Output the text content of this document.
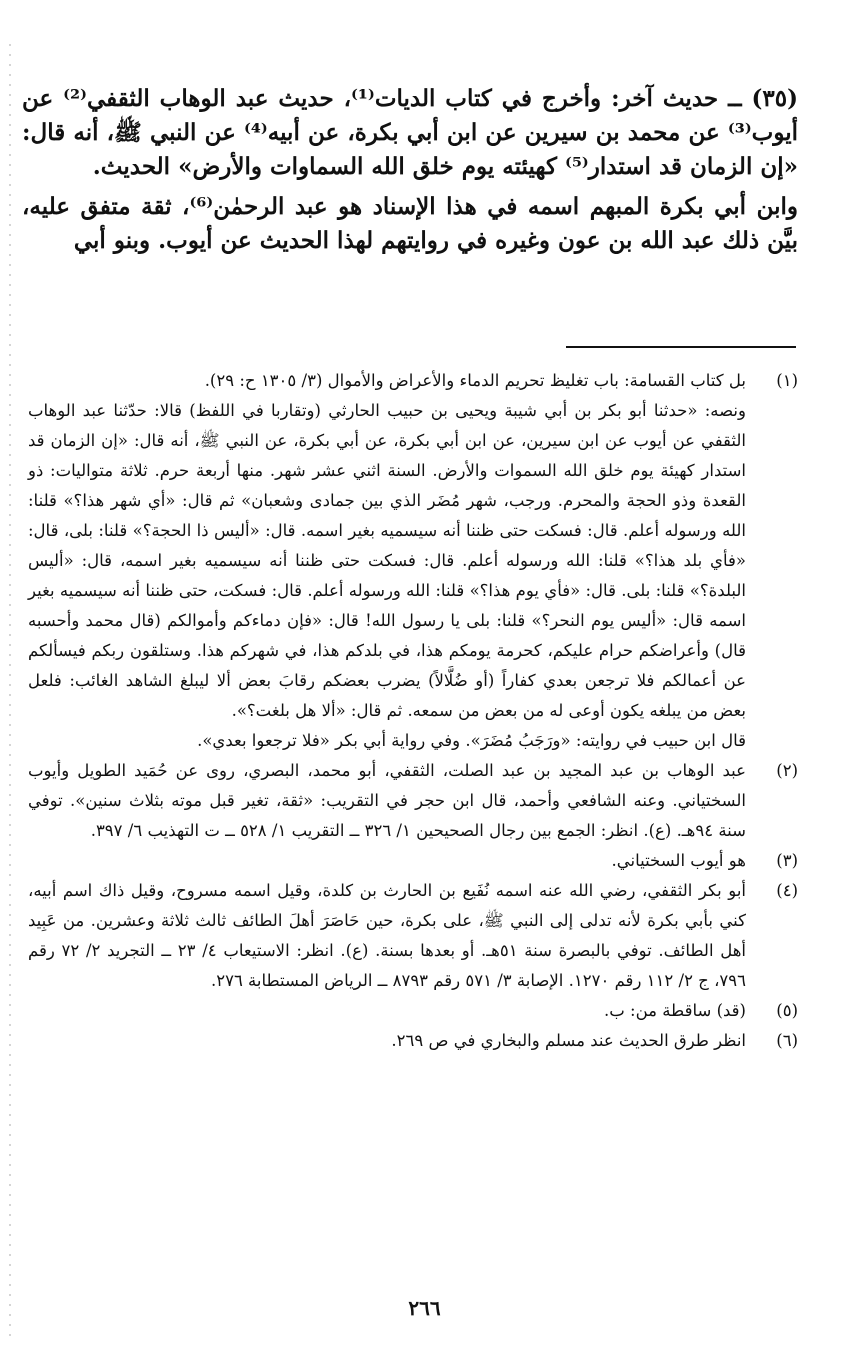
(٣٥) ــ حديث آخر: وأخرج في كتاب الديات⁽¹⁾، حديث عبد الوهاب الثقفي⁽²⁾ عن أيوب⁽³⁾ عن محمد بن سيرين عن ابن أبي بكرة، عن أبيه⁽⁴⁾ عن النبي ﷺ، أنه قال: «إن الزمان قد استدار⁽⁵⁾ كهيئته يوم خلق الله السماوات والأرض» الحديث.

وابن أبي بكرة المبهم اسمه في هذا الإسناد هو عبد الرحمٰن⁽⁶⁾، ثقة متفق عليه، بيَّن ذلك عبد الله بن عون وغيره في روايتهم لهذا الحديث عن أيوب. وبنو أبي

(١)
بل كتاب القسامة: باب تغليظ تحريم الدماء والأعراض والأموال (٣/ ١٣٠٥ ح: ٢٩).
ونصه: «حدثنا أبو بكر بن أبي شيبة ويحيى بن حبيب الحارثي (وتقاربا في اللفظ) قالا: حدّثنا عبد الوهاب الثقفي عن أيوب عن ابن سيرين، عن ابن أبي بكرة، عن أبي بكرة، عن النبي ﷺ، أنه قال: «إن الزمان قد استدار كهيئة يوم خلق الله السموات والأرض. السنة اثني عشر شهر. منها أربعة حرم. ثلاثة متواليات: ذو القعدة وذو الحجة والمحرم. ورجب، شهر مُضَر الذي بين جمادى وشعبان» ثم قال: «أي شهر هذا؟» قلنا: الله ورسوله أعلم. قال: فسكت حتى ظننا أنه سيسميه بغير اسمه. قال: «أليس ذا الحجة؟» قلنا: بلى، قال: «فأي بلد هذا؟» قلنا: الله ورسوله أعلم. قال: فسكت حتى ظننا أنه سيسميه بغير اسمه، قال: «أليس البلدة؟» قلنا: بلى. قال: «فأي يوم هذا؟» قلنا: الله ورسوله أعلم. قال: فسكت، حتى ظننا أنه سيسميه بغير اسمه قال: «أليس يوم النحر؟» قلنا: بلى يا رسول الله! قال: «فإن دماءكم وأموالكم (قال محمد وأحسبه قال) وأعراضكم حرام عليكم، كحرمة يومكم هذا، في بلدكم هذا، في شهركم هذا. وستلقون ربكم فيسألكم عن أعمالكم فلا ترجعن بعدي كفاراً (أو ضُلَّالاً) يضرب بعضكم رقابَ بعض ألا ليبلغ الشاهد الغائب: فلعل بعض من يبلغه يكون أوعى له من بعض من سمعه. ثم قال: «ألا هل بلغت؟».
قال ابن حبيب في روايته: «ورَجَبُ مُضَرَ». وفي رواية أبي بكر «فلا ترجعوا بعدي».
(٢)
عبد الوهاب بن عبد المجيد بن عبد الصلت، الثقفي، أبو محمد، البصري، روى عن حُمَيد الطويل وأيوب السختياني. وعنه الشافعي وأحمد، قال ابن حجر في التقريب: «ثقة، تغير قبل موته بثلاث سنين». توفي سنة ٩٤هـ. (ع). انظر: الجمع بين رجال الصحيحين ١/ ٣٢٦ ــ التقريب ١/ ٥٢٨ ــ ت التهذيب ٦/ ٣٩٧.
(٣)
هو أيوب السختياني.
(٤)
أبو بكر الثقفي، رضي الله عنه اسمه نُفَيع بن الحارث بن كلدة، وقيل اسمه مسروح، وقيل ذاك اسم أبيه، كني بأبي بكرة لأنه تدلى إلى النبي ﷺ، على بكرة، حين حَاصَرَ أهلَ الطائف ثالث ثلاثة وعشرين. من عَبِيد أهل الطائف. توفي بالبصرة سنة ٥١هـ. أو بعدها بسنة. (ع). انظر: الاستيعاب ٤/ ٢٣ ــ التجريد ٢/ ٧٢ رقم ٧٩٦، ج ٢/ ١١٢ رقم ١٢٧٠. الإصابة ٣/ ٥٧١ رقم ٨٧٩٣ ــ الرياض المستطابة ٢٧٦.
(٥)
(قد) ساقطة من: ب.
(٦)
انظر طرق الحديث عند مسلم والبخاري في ص ٢٦٩.
٢٦٦
